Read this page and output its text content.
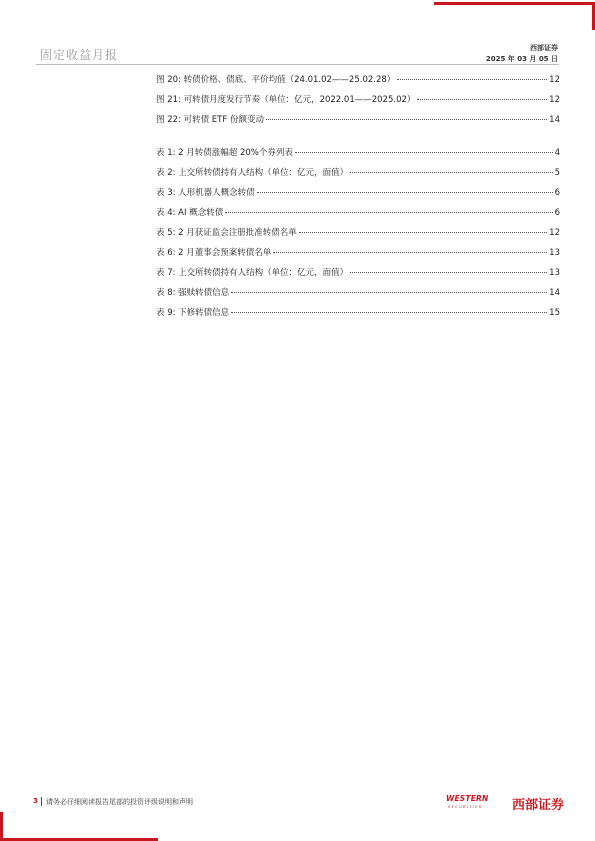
固定收益月报	西部证券
2025 年 03 月 05 日
图 20: 转债价格、债底、平价均值（24.01.02——25.02.28）	12
图 21: 可转债月度发行节奏（单位：亿元，2022.01——2025.02）	12
图 22: 可转债 ETF 份额变动	14
表 1: 2 月转债涨幅超 20%个券列表	4
表 2: 上交所转债持有人结构（单位：亿元，面值）	5
表 3: 人形机器人概念转债	6
表 4: AI 概念转债	6
表 5: 2 月获证监会注册批准转债名单	12
表 6: 2 月董事会预案转债名单	13
表 7: 上交所转债持有人结构（单位：亿元，面值）	13
表 8: 强赎转债信息	14
表 9: 下修转债信息	15
3 请务必仔细阅读报告尾部的投资评级说明和声明	WESTERN
SECURITIES 西部证券
